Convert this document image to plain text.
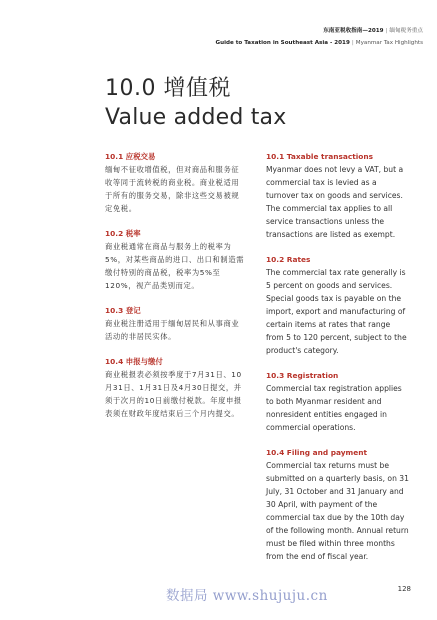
东南亚税收指南—2019 | 缅甸税务重点
Guide to Taxation in Southeast Asia - 2019 | Myanmar Tax Highlights
10.0 增值税
Value added tax
10.1 应税交易

缅甸不征收增值税，但对商品和服务征收等同于流转税的商业税。商业税适用于所有的服务交易，除非这些交易被规定免税。

10.2 税率

商业税通常在商品与服务上的税率为5%，对某些商品的进口、出口和制造需缴付特别的商品税，税率为5%至120%，视产品类别而定。

10.3 登记

商业税注册适用于缅甸居民和从事商业活动的非居民实体。

10.4 申报与缴付

商业税报表必须按季度于7月31日、10月31日、1月31日及4月30日提交，并须于次月的10日前缴付税款。年度申报表须在财政年度结束后三个月内提交。

10.1 Taxable transactions

Myanmar does not levy a VAT, but a commercial tax is levied as a turnover tax on goods and services. The commercial tax applies to all service transactions unless the transactions are listed as exempt.

10.2 Rates

The commercial tax rate generally is 5 percent on goods and services. Special goods tax is payable on the import, export and manufacturing of certain items at rates that range from 5 to 120 percent, subject to the product's category.

10.3 Registration

Commercial tax registration applies to both Myanmar resident and nonresident entities engaged in commercial operations.

10.4 Filing and payment

Commercial tax returns must be submitted on a quarterly basis, on 31 July, 31 October and 31 January and 30 April, with payment of the commercial tax due by the 10th day of the following month. Annual return must be filed within three months from the end of fiscal year.

数据局 www.shujuju.cn	128
